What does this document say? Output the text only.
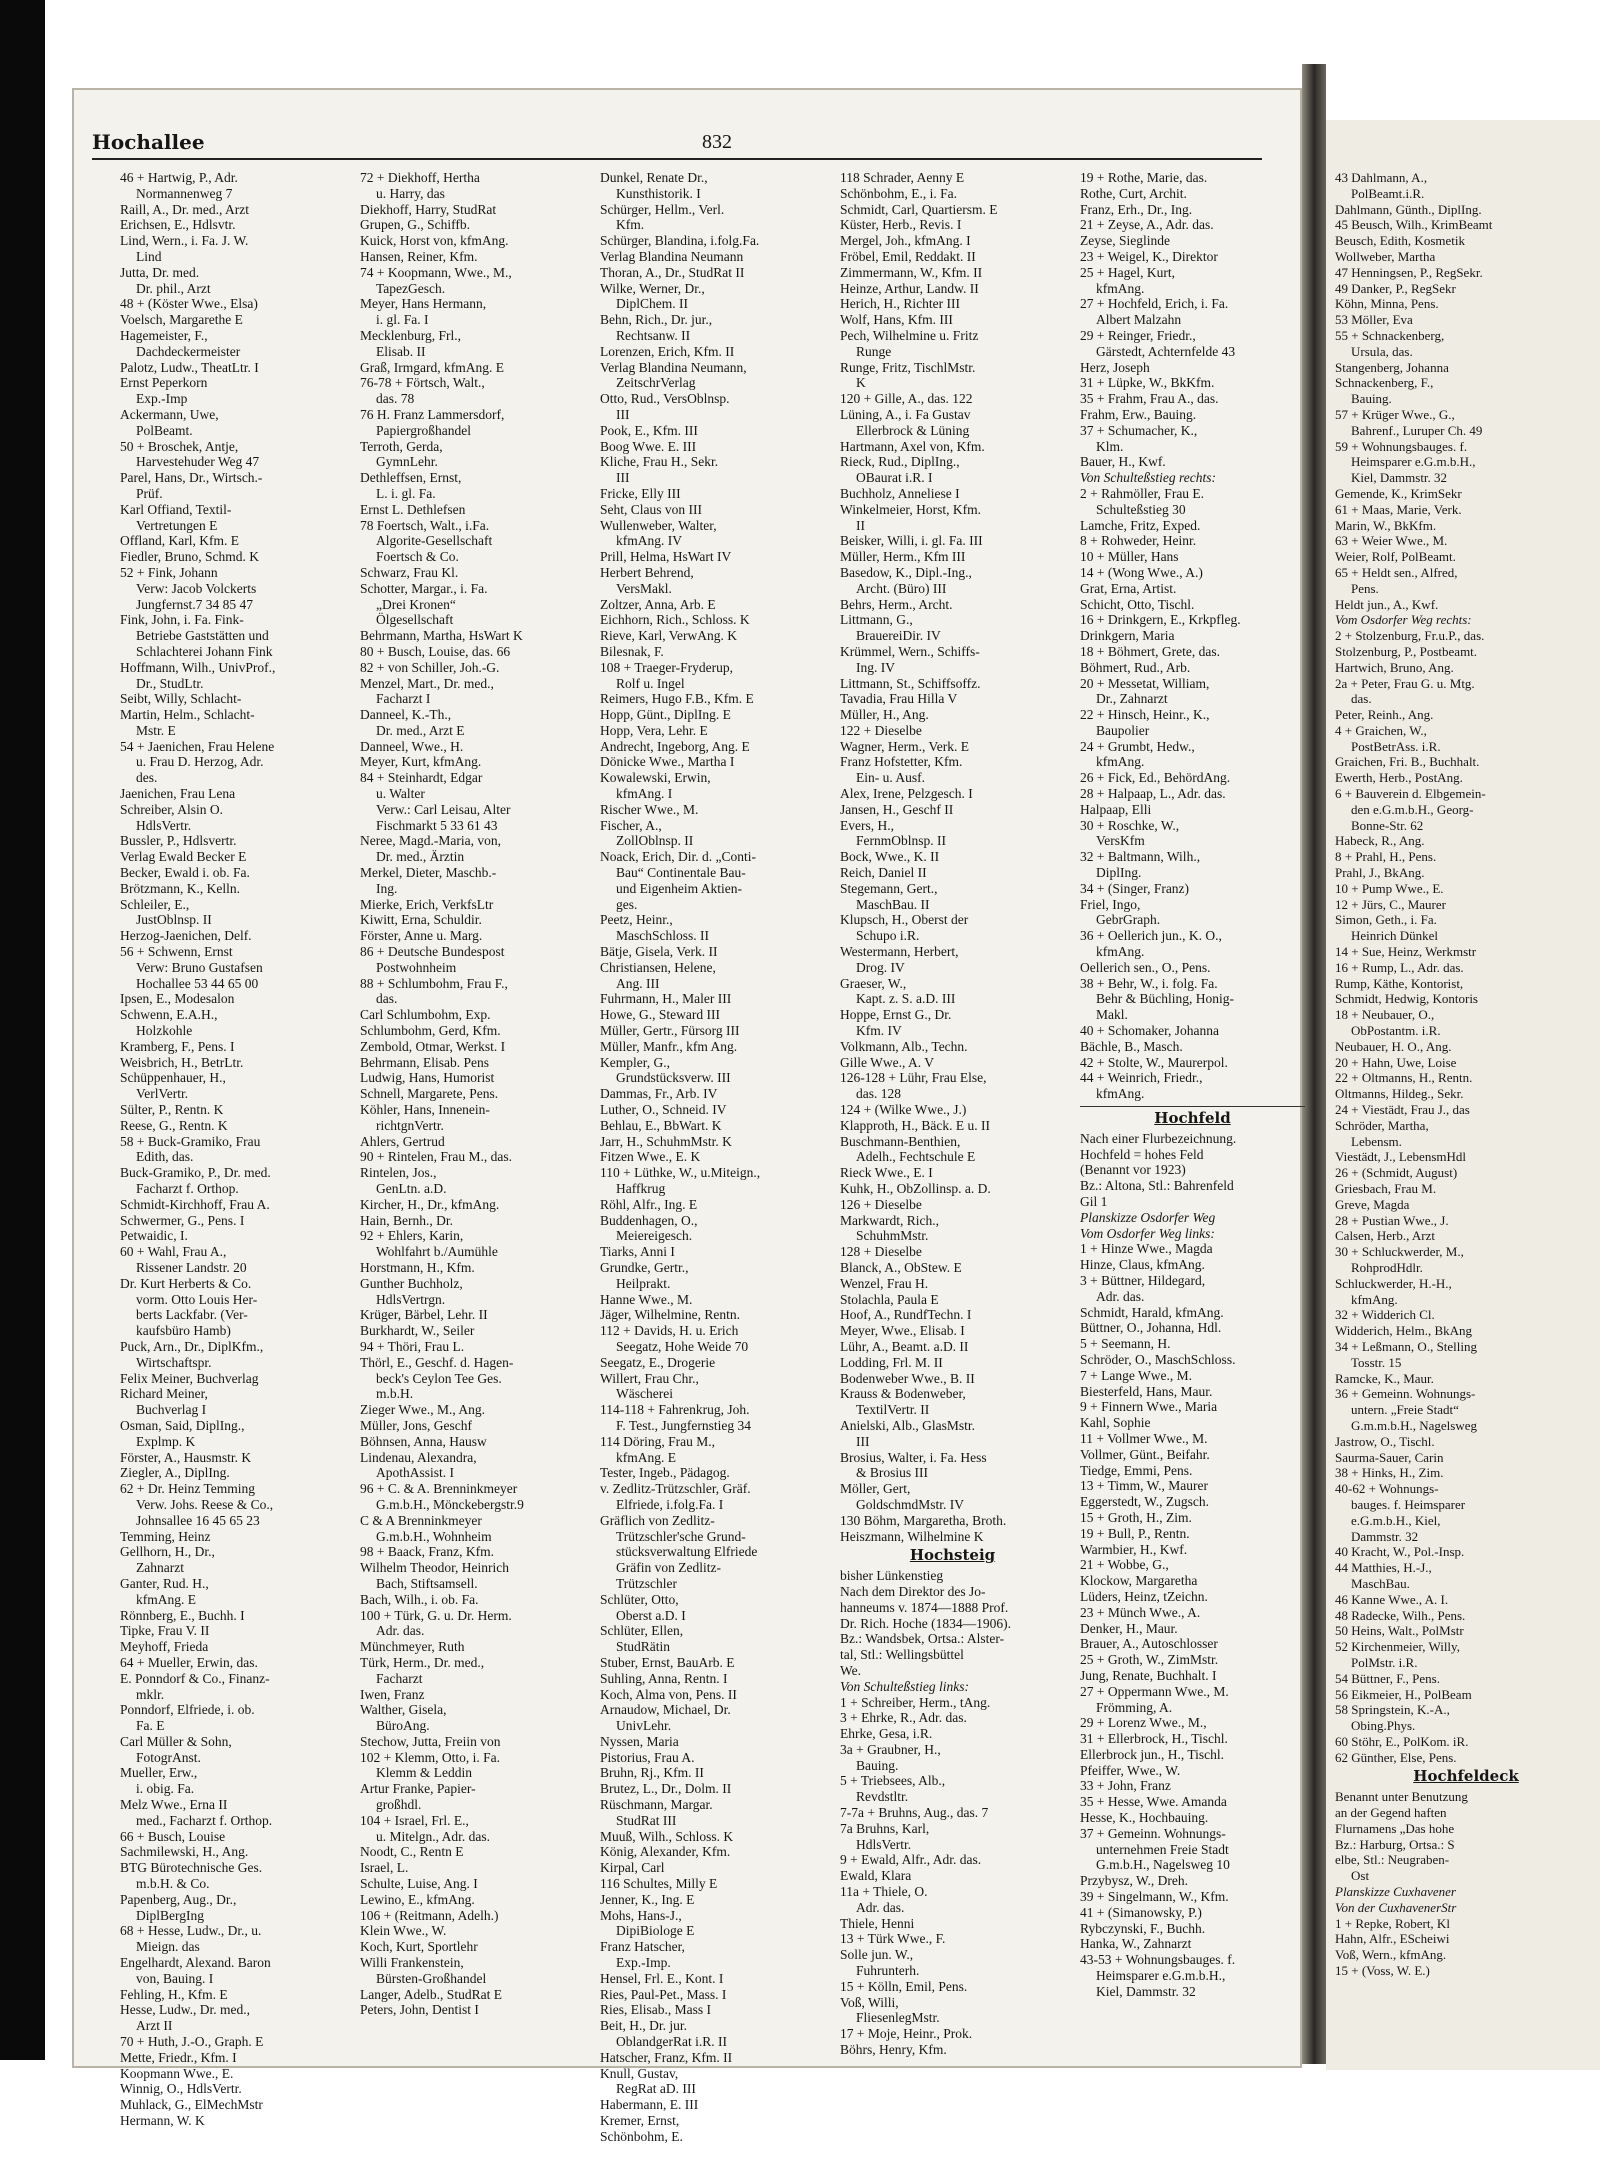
Hochallee	832
46 + Hartwig, P., Adr.
Normannenweg 7
Raill, A., Dr. med., Arzt
Erichsen, E., Hdlsvtr.
Lind, Wern., i. Fa. J. W.
Lind
Jutta, Dr. med.
Dr. phil., Arzt
48 + (Köster Wwe., Elsa)
Voelsch, Margarethe E
Hagemeister, F.,
Dachdeckermeister
Palotz, Ludw., TheatLtr. I
Ernst Peperkorn
Exp.-Imp
Ackermann, Uwe,
PolBeamt.
50 + Broschek, Antje,
Harvestehuder Weg 47
Parel, Hans, Dr., Wirtsch.-
Prüf.
Karl Offiand, Textil-
Vertretungen E
Offland, Karl, Kfm. E
Fiedler, Bruno, Schmd. K
52 + Fink, Johann
Verw: Jacob Volckerts
Jungfernst.7 34 85 47
Fink, John, i. Fa. Fink-
Betriebe Gaststätten und
Schlachterei Johann Fink
Hoffmann, Wilh., UnivProf.,
Dr., StudLtr.
Seibt, Willy, Schlacht-
Martin, Helm., Schlacht-
Mstr. E
54 + Jaenichen, Frau Helene
u. Frau D. Herzog, Adr.
des.
Jaenichen, Frau Lena
Schreiber, Alsin O.
HdlsVertr.
Bussler, P., Hdlsvertr.
Verlag Ewald Becker E
Becker, Ewald i. ob. Fa.
Brötzmann, K., Kelln.
Schleiler, E.,
JustOblnsp. II
Herzog-Jaenichen, Delf.
56 + Schwenn, Ernst
Verw: Bruno Gustafsen
Hochallee 53 44 65 00
Ipsen, E., Modesalon
Schwenn, E.A.H.,
Holzkohle
Kramberg, F., Pens. I
Weisbrich, H., BetrLtr.
Schüppenhauer, H.,
VerlVertr.
Sülter, P., Rentn. K
Reese, G., Rentn. K
58 + Buck-Gramiko, Frau
Edith, das.
Buck-Gramiko, P., Dr. med.
Facharzt f. Orthop.
Schmidt-Kirchhoff, Frau A.
Schwermer, G., Pens. I
Petwaidic, I.
60 + Wahl, Frau A.,
Rissener Landstr. 20
Dr. Kurt Herberts & Co.
vorm. Otto Louis Her-
berts Lackfabr. (Ver-
kaufsbüro Hamb)
Puck, Arn., Dr., DiplKfm.,
Wirtschaftspr.
Felix Meiner, Buchverlag
Richard Meiner,
Buchverlag I
Osman, Said, DiplIng.,
Explmp. K
Förster, A., Hausmstr. K
Ziegler, A., DiplIng.
62 + Dr. Heinz Temming
Verw. Johs. Reese & Co.,
Johnsallee 16 45 65 23
Temming, Heinz
Gellhorn, H., Dr.,
Zahnarzt
Ganter, Rud. H.,
kfmAng. E
Rönnberg, E., Buchh. I
Tipke, Frau V. II
Meyhoff, Frieda
64 + Mueller, Erwin, das.
E. Ponndorf & Co., Finanz-
mklr.
Ponndorf, Elfriede, i. ob.
Fa. E
Carl Müller & Sohn,
FotogrAnst.
Mueller, Erw.,
i. obig. Fa.
Melz Wwe., Erna II
med., Facharzt f. Orthop.
66 + Busch, Louise
Sachmilewski, H., Ang.
BTG Bürotechnische Ges.
m.b.H. & Co.
Papenberg, Aug., Dr.,
DiplBergIng
68 + Hesse, Ludw., Dr., u.
Mieign. das
Engelhardt, Alexand. Baron
von, Bauing. I
Fehling, H., Kfm. E
Hesse, Ludw., Dr. med.,
Arzt II
70 + Huth, J.-O., Graph. E
Mette, Friedr., Kfm. I
Koopmann Wwe., E.
Winnig, O., HdlsVertr.
Muhlack, G., ElMechMstr
Hermann, W. K
72 + Diekhoff, Hertha
u. Harry, das
Diekhoff, Harry, StudRat
Grupen, G., Schiffb.
Kuick, Horst von, kfmAng.
Hansen, Reiner, Kfm.
74 + Koopmann, Wwe., M.,
TapezGesch.
Meyer, Hans Hermann,
i. gl. Fa. I
Mecklenburg, Frl.,
Elisab. II
Graß, Irmgard, kfmAng. E
76-78 + Förtsch, Walt.,
das. 78
76 H. Franz Lammersdorf,
Papiergroßhandel
Terroth, Gerda,
GymnLehr.
Dethleffsen, Ernst,
L. i. gl. Fa.
Ernst L. Dethlefsen
78 Foertsch, Walt., i.Fa.
Algorite-Gesellschaft
Foertsch & Co.
Schwarz, Frau Kl.
Schotter, Margar., i. Fa.
„Drei Kronen“
Ölgesellschaft
Behrmann, Martha, HsWart K
80 + Busch, Louise, das. 66
82 + von Schiller, Joh.-G.
Menzel, Mart., Dr. med.,
Facharzt I
Danneel, K.-Th.,
Dr. med., Arzt E
Danneel, Wwe., H.
Meyer, Kurt, kfmAng.
84 + Steinhardt, Edgar
u. Walter
Verw.: Carl Leisau, Alter
Fischmarkt 5 33 61 43
Neree, Magd.-Maria, von,
Dr. med., Ärztin
Merkel, Dieter, Maschb.-
Ing.
Mierke, Erich, VerkfsLtr
Kiwitt, Erna, Schuldir.
Förster, Anne u. Marg.
86 + Deutsche Bundespost
Postwohnheim
88 + Schlumbohm, Frau F.,
das.
Carl Schlumbohm, Exp.
Schlumbohm, Gerd, Kfm.
Zembold, Otmar, Werkst. I
Behrmann, Elisab. Pens
Ludwig, Hans, Humorist
Schnell, Margarete, Pens.
Köhler, Hans, Innenein-
richtgnVertr.
Ahlers, Gertrud
90 + Rintelen, Frau M., das.
Rintelen, Jos.,
GenLtn. a.D.
Kircher, H., Dr., kfmAng.
Hain, Bernh., Dr.
92 + Ehlers, Karin,
Wohlfahrt b./Aumühle
Horstmann, H., Kfm.
Gunther Buchholz,
HdlsVertrgn.
Krüger, Bärbel, Lehr. II
Burkhardt, W., Seiler
94 + Thöri, Frau L.
Thörl, E., Geschf. d. Hagen-
beck's Ceylon Tee Ges.
m.b.H.
Zieger Wwe., M., Ang.
Müller, Jons, Geschf
Böhnsen, Anna, Hausw
Lindenau, Alexandra,
ApothAssist. I
96 + C. & A. Brenninkmeyer
G.m.b.H., Mönckebergstr.9
C & A Brenninkmeyer
G.m.b.H., Wohnheim
98 + Baack, Franz, Kfm.
Wilhelm Theodor, Heinrich
Bach, Stiftsamsell.
Bach, Wilh., i. ob. Fa.
100 + Türk, G. u. Dr. Herm.
Adr. das.
Münchmeyer, Ruth
Türk, Herm., Dr. med.,
Facharzt
Iwen, Franz
Walther, Gisela,
BüroAng.
Stechow, Jutta, Freiin von
102 + Klemm, Otto, i. Fa.
Klemm & Leddin
Artur Franke, Papier-
großhdl.
104 + Israel, Frl. E.,
u. Mitelgn., Adr. das.
Noodt, C., Rentn E
Israel, L.
Schulte, Luise, Ang. I
Lewino, E., kfmAng.
106 + (Reitmann, Adelh.)
Klein Wwe., W.
Koch, Kurt, Sportlehr
Willi Frankenstein,
Bürsten-Großhandel
Langer, Adelb., StudRat E
Peters, John, Dentist I
Dunkel, Renate Dr.,
Kunsthistorik. I
Schürger, Hellm., Verl.
Kfm.
Schürger, Blandina, i.folg.Fa.
Verlag Blandina Neumann
Thoran, A., Dr., StudRat II
Wilke, Werner, Dr.,
DiplChem. II
Behn, Rich., Dr. jur.,
Rechtsanw. II
Lorenzen, Erich, Kfm. II
Verlag Blandina Neumann,
ZeitschrVerlag
Otto, Rud., VersOblnsp.
III
Pook, E., Kfm. III
Boog Wwe. E. III
Kliche, Frau H., Sekr.
III
Fricke, Elly III
Seht, Claus von III
Wullenweber, Walter,
kfmAng. IV
Prill, Helma, HsWart IV
Herbert Behrend,
VersMakl.
Zoltzer, Anna, Arb. E
Eichhorn, Rich., Schloss. K
Rieve, Karl, VerwAng. K
Bilesnak, F.
108 + Traeger-Fryderup,
Rolf u. Ingel
Reimers, Hugo F.B., Kfm. E
Hopp, Günt., DiplIng. E
Hopp, Vera, Lehr. E
Andrecht, Ingeborg, Ang. E
Dönicke Wwe., Martha I
Kowalewski, Erwin,
kfmAng. I
Rischer Wwe., M.
Fischer, A.,
ZollOblnsp. II
Noack, Erich, Dir. d. „Conti-
Bau“ Continentale Bau-
und Eigenheim Aktien-
ges.
Peetz, Heinr.,
MaschSchloss. II
Bätje, Gisela, Verk. II
Christiansen, Helene,
Ang. III
Fuhrmann, H., Maler III
Howe, G., Steward III
Müller, Gertr., Fürsorg III
Müller, Manfr., kfm Ang.
Kempler, G.,
Grundstücksverw. III
Dammas, Fr., Arb. IV
Luther, O., Schneid. IV
Behlau, E., BbWart. K
Jarr, H., SchuhmMstr. K
Fitzen Wwe., E. K
110 + Lüthke, W., u.Miteign.,
Haffkrug
Röhl, Alfr., Ing. E
Buddenhagen, O.,
Meiereigesch.
Tiarks, Anni I
Grundke, Gertr.,
Heilprakt.
Hanne Wwe., M.
Jäger, Wilhelmine, Rentn.
112 + Davids, H. u. Erich
Seegatz, Hohe Weide 70
Seegatz, E., Drogerie
Willert, Frau Chr.,
Wäscherei
114-118 + Fahrenkrug, Joh.
F. Test., Jungfernstieg 34
114 Döring, Frau M.,
kfmAng. E
Tester, Ingeb., Pädagog.
v. Zedlitz-Trützschler, Gräf.
Elfriede, i.folg.Fa. I
Gräflich von Zedlitz-
Trützschler'sche Grund-
stücksverwaltung Elfriede
Gräfin von Zedlitz-
Trützschler
Schlüter, Otto,
Oberst a.D. I
Schlüter, Ellen,
StudRätin
Stuber, Ernst, BauArb. E
Suhling, Anna, Rentn. I
Koch, Alma von, Pens. II
Arnaudow, Michael, Dr.
UnivLehr.
Nyssen, Maria
Pistorius, Frau A.
Bruhn, Rj., Kfm. II
Brutez, L., Dr., Dolm. II
Rüschmann, Margar.
StudRat III
Muuß, Wilh., Schloss. K
König, Alexander, Kfm.
Kirpal, Carl
116 Schultes, Milly E
Jenner, K., Ing. E
Mohs, Hans-J.,
DipiBiologe E
Franz Hatscher,
Exp.-Imp.
Hensel, Frl. E., Kont. I
Ries, Paul-Pet., Mass. I
Ries, Elisab., Mass I
Beit, H., Dr. jur.
OblandgerRat i.R. II
Hatscher, Franz, Kfm. II
Knull, Gustav,
RegRat aD. III
Habermann, E. III
Kremer, Ernst,
Schönbohm, E.
118 Schrader, Aenny E
Schönbohm, E., i. Fa.
Schmidt, Carl, Quartiersm. E
Küster, Herb., Revis. I
Mergel, Joh., kfmAng. I
Fröbel, Emil, Reddakt. II
Zimmermann, W., Kfm. II
Heinze, Arthur, Landw. II
Herich, H., Richter III
Wolf, Hans, Kfm. III
Pech, Wilhelmine u. Fritz
Runge
Runge, Fritz, TischlMstr.
K
120 + Gille, A., das. 122
Lüning, A., i. Fa Gustav
Ellerbrock & Lüning
Hartmann, Axel von, Kfm.
Rieck, Rud., DiplIng.,
OBaurat i.R. I
Buchholz, Anneliese I
Winkelmeier, Horst, Kfm.
II
Beisker, Willi, i. gl. Fa. III
Müller, Herm., Kfm III
Basedow, K., Dipl.-Ing.,
Archt. (Büro) III
Behrs, Herm., Archt.
Littmann, G.,
BrauereiDir. IV
Krümmel, Wern., Schiffs-
Ing. IV
Littmann, St., Schiffsoffz.
Tavadia, Frau Hilla V
Müller, H., Ang.
122 + Dieselbe
Wagner, Herm., Verk. E
Franz Hofstetter, Kfm.
Ein- u. Ausf.
Alex, Irene, Pelzgesch. I
Jansen, H., Geschf II
Evers, H.,
FernmOblnsp. II
Bock, Wwe., K. II
Reich, Daniel II
Stegemann, Gert.,
MaschBau. II
Klupsch, H., Oberst der
Schupo i.R.
Westermann, Herbert,
Drog. IV
Graeser, W.,
Kapt. z. S. a.D. III
Hoppe, Ernst G., Dr.
Kfm. IV
Volkmann, Alb., Techn.
Gille Wwe., A. V
126-128 + Lühr, Frau Else,
das. 128
124 + (Wilke Wwe., J.)
Klapproth, H., Bäck. E u. II
Buschmann-Benthien,
Adelh., Fechtschule E
Rieck Wwe., E. I
Kuhk, H., ObZollinsp. a. D.
126 + Dieselbe
Markwardt, Rich.,
SchuhmMstr.
128 + Dieselbe
Blanck, A., ObStew. E
Wenzel, Frau H.
Stolachla, Paula E
Hoof, A., RundfTechn. I
Meyer, Wwe., Elisab. I
Lühr, A., Beamt. a.D. II
Lodding, Frl. M. II
Bodenweber Wwe., B. II
Krauss & Bodenweber,
TextilVertr. II
Anielski, Alb., GlasMstr.
III
Brosius, Walter, i. Fa. Hess
& Brosius III
Möller, Gert,
GoldschmdMstr. IV
130 Böhm, Margaretha, Broth.
Heiszmann, Wilhelmine K
Hochsteig
bisher Lünkenstieg
Nach dem Direktor des Jo-
hanneums v. 1874—1888 Prof.
Dr. Rich. Hoche (1834—1906).
Bz.: Wandsbek, Ortsa.: Alster-
tal, Stl.: Wellingsbüttel
We.
Von Schulteßstieg links:
1 + Schreiber, Herm., tAng.
3 + Ehrke, R., Adr. das.
Ehrke, Gesa, i.R.
3a + Graubner, H.,
Bauing.
5 + Triebsees, Alb.,
Revdstltr.
7-7a + Bruhns, Aug., das. 7
7a Bruhns, Karl,
HdlsVertr.
9 + Ewald, Alfr., Adr. das.
Ewald, Klara
11a + Thiele, O.
Adr. das.
Thiele, Henni
13 + Türk Wwe., F.
Solle jun. W.,
Fuhrunterh.
15 + Kölln, Emil, Pens.
Voß, Willi,
FliesenlegMstr.
17 + Moje, Heinr., Prok.
Böhrs, Henry, Kfm.
19 + Rothe, Marie, das.
Rothe, Curt, Archit.
Franz, Erh., Dr., Ing.
21 + Zeyse, A., Adr. das.
Zeyse, Sieglinde
23 + Weigel, K., Direktor
25 + Hagel, Kurt,
kfmAng.
27 + Hochfeld, Erich, i. Fa.
Albert Malzahn
29 + Reinger, Friedr.,
Gärstedt, Achternfelde 43
Herz, Joseph
31 + Lüpke, W., BkKfm.
35 + Frahm, Frau A., das.
Frahm, Erw., Bauing.
37 + Schumacher, K.,
Klm.
Bauer, H., Kwf.
Von Schulteßstieg rechts:
2 + Rahmöller, Frau E.
Schulteßstieg 30
Lamche, Fritz, Exped.
8 + Rohweder, Heinr.
10 + Müller, Hans
14 + (Wong Wwe., A.)
Grat, Erna, Artist.
Schicht, Otto, Tischl.
16 + Drinkgern, E., Krkpfleg.
Drinkgern, Maria
18 + Böhmert, Grete, das.
Böhmert, Rud., Arb.
20 + Messetat, William,
Dr., Zahnarzt
22 + Hinsch, Heinr., K.,
Baupolier
24 + Grumbt, Hedw.,
kfmAng.
26 + Fick, Ed., BehördAng.
28 + Halpaap, L., Adr. das.
Halpaap, Elli
30 + Roschke, W.,
VersKfm
32 + Baltmann, Wilh.,
DiplIng.
34 + (Singer, Franz)
Friel, Ingo,
GebrGraph.
36 + Oellerich jun., K. O.,
kfmAng.
Oellerich sen., O., Pens.
38 + Behr, W., i. folg. Fa.
Behr & Büchling, Honig-
Makl.
40 + Schomaker, Johanna
Bächle, B., Masch.
42 + Stolte, W., Maurerpol.
44 + Weinrich, Friedr.,
kfmAng.
Hochfeld
Nach einer Flurbezeichnung.
Hochfeld = hohes Feld
(Benannt vor 1923)
Bz.: Altona, Stl.: Bahrenfeld
Gil 1
Planskizze Osdorfer Weg
Vom Osdorfer Weg links:
1 + Hinze Wwe., Magda
Hinze, Claus, kfmAng.
3 + Büttner, Hildegard,
Adr. das.
Schmidt, Harald, kfmAng.
Büttner, O., Johanna, Hdl.
5 + Seemann, H.
Schröder, O., MaschSchloss.
7 + Lange Wwe., M.
Biesterfeld, Hans, Maur.
9 + Finnern Wwe., Maria
Kahl, Sophie
11 + Vollmer Wwe., M.
Vollmer, Günt., Beifahr.
Tiedge, Emmi, Pens.
13 + Timm, W., Maurer
Eggerstedt, W., Zugsch.
15 + Groth, H., Zim.
19 + Bull, P., Rentn.
Warmbier, H., Kwf.
21 + Wobbe, G.,
Klockow, Margaretha
Lüders, Heinz, tZeichn.
23 + Münch Wwe., A.
Denker, H., Maur.
Brauer, A., Autoschlosser
25 + Groth, W., ZimMstr.
Jung, Renate, Buchhalt. I
27 + Oppermann Wwe., M.
Frömming, A.
29 + Lorenz Wwe., M.,
31 + Ellerbrock, H., Tischl.
Ellerbrock jun., H., Tischl.
Pfeiffer, Wwe., W.
33 + John, Franz
35 + Hesse, Wwe. Amanda
Hesse, K., Hochbauing.
37 + Gemeinn. Wohnungs-
unternehmen Freie Stadt
G.m.b.H., Nagelsweg 10
Przybysz, W., Dreh.
39 + Singelmann, W., Kfm.
41 + (Simanowsky, P.)
Rybczynski, F., Buchh.
Hanka, W., Zahnarzt
43-53 + Wohnungsbauges. f.
Heimsparer e.G.m.b.H.,
Kiel, Dammstr. 32
43 Dahlmann, A.,
PolBeamt.i.R.
Dahlmann, Günth., DiplIng.
45 Beusch, Wilh., KrimBeamt
Beusch, Edith, Kosmetik
Wollweber, Martha
47 Henningsen, P., RegSekr.
49 Danker, P., RegSekr
Köhn, Minna, Pens.
53 Möller, Eva
55 + Schnackenberg,
Ursula, das.
Stangenberg, Johanna
Schnackenberg, F.,
Bauing.
57 + Krüger Wwe., G.,
Bahrenf., Luruper Ch. 49
59 + Wohnungsbauges. f.
Heimsparer e.G.m.b.H.,
Kiel, Dammstr. 32
Gemende, K., KrimSekr
61 + Maas, Marie, Verk.
Marin, W., BkKfm.
63 + Weier Wwe., M.
Weier, Rolf, PolBeamt.
65 + Heldt sen., Alfred,
Pens.
Heldt jun., A., Kwf.
Vom Osdorfer Weg rechts:
2 + Stolzenburg, Fr.u.P., das.
Stolzenburg, P., Postbeamt.
Hartwich, Bruno, Ang.
2a + Peter, Frau G. u. Mtg.
das.
Peter, Reinh., Ang.
4 + Graichen, W.,
PostBetrAss. i.R.
Graichen, Fri. B., Buchhalt.
Ewerth, Herb., PostAng.
6 + Bauverein d. Elbgemein-
den e.G.m.b.H., Georg-
Bonne-Str. 62
Habeck, R., Ang.
8 + Prahl, H., Pens.
Prahl, J., BkAng.
10 + Pump Wwe., E.
12 + Jürs, C., Maurer
Simon, Geth., i. Fa.
Heinrich Dünkel
14 + Sue, Heinz, Werkmstr
16 + Rump, L., Adr. das.
Rump, Käthe, Kontorist,
Schmidt, Hedwig, Kontoris
18 + Neubauer, O.,
ObPostantm. i.R.
Neubauer, H. O., Ang.
20 + Hahn, Uwe, Loise
22 + Oltmanns, H., Rentn.
Oltmanns, Hildeg., Sekr.
24 + Viestädt, Frau J., das
Schröder, Martha,
Lebensm.
Viestädt, J., LebensmHdl
26 + (Schmidt, August)
Griesbach, Frau M.
Greve, Magda
28 + Pustian Wwe., J.
Calsen, Herb., Arzt
30 + Schluckwerder, M.,
RohprodHdlr.
Schluckwerder, H.-H.,
kfmAng.
32 + Widderich Cl.
Widderich, Helm., BkAng
34 + Leßmann, O., Stelling
Tosstr. 15
Ramcke, K., Maur.
36 + Gemeinn. Wohnungs-
untern. „Freie Stadt“
G.m.m.b.H., Nagelsweg
Jastrow, O., Tischl.
Saurma-Sauer, Carin
38 + Hinks, H., Zim.
40-62 + Wohnungs-
bauges. f. Heimsparer
e.G.m.b.H., Kiel,
Dammstr. 32
40 Kracht, W., Pol.-Insp.
44 Matthies, H.-J.,
MaschBau.
46 Kanne Wwe., A. I.
48 Radecke, Wilh., Pens.
50 Heins, Walt., PolMstr
52 Kirchenmeier, Willy,
PolMstr. i.R.
54 Büttner, F., Pens.
56 Eikmeier, H., PolBeam
58 Springstein, K.-A.,
Obing.Phys.
60 Stöhr, E., PolKom. iR.
62 Günther, Else, Pens.
Hochfeldeck
Benannt unter Benutzung
an der Gegend haften
Flurnamens „Das hohe
Bz.: Harburg, Ortsa.: S
elbe, Stl.: Neugraben-
Ost
Planskizze Cuxhavener
Von der CuxhavenerStr
1 + Repke, Robert, Kl
Hahn, Alfr., EScheiwi
Voß, Wern., kfmAng.
15 + (Voss, W. E.)
